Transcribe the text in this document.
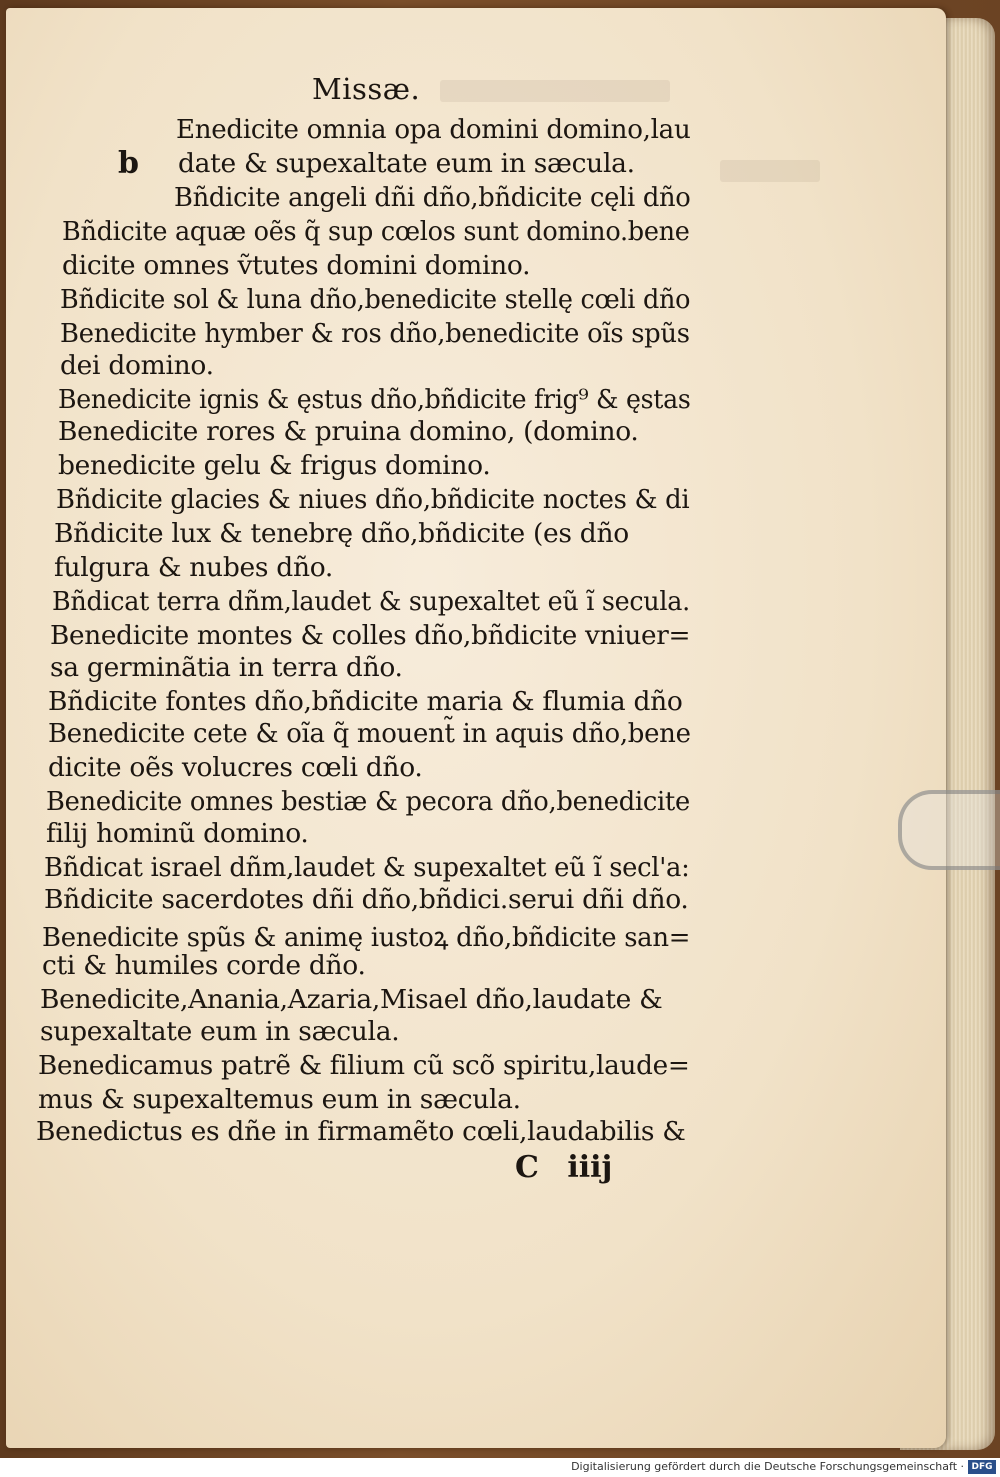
Missæ.
b
Enedicite omnia opa domini domino,lau
date & supexaltate eum in sæcula.
Bñdicite angeli dñi dño,bñdicite cęli dño
Bñdicite aquæ oẽs q̃ sup cœlos sunt domino.bene
dicite omnes ṽtutes domini domino.
Bñdicite sol & luna dño,benedicite stellę cœli dño
Benedicite hymber & ros dño,benedicite oĩs spũs
dei domino.
Benedicite ignis & ęstus dño,bñdicite frig⁹ & ęstas
Benedicite rores & pruina domino, (domino.
benedicite gelu & frigus domino.
Bñdicite glacies & niues dño,bñdicite noctes & di
Bñdicite lux & tenebrę dño,bñdicite (es dño
fulgura & nubes dño.
Bñdicat terra dñm,laudet & supexaltet eũ ĩ secula.
Benedicite montes & colles dño,bñdicite vniuer=
sa germinãtia in terra dño.
Bñdicite fontes dño,bñdicite maria & flumia dño
Benedicite cete & oĩa q̃ mouent̃ in aquis dño,bene
dicite oẽs volucres cœli dño.
Benedicite omnes bestiæ & pecora dño,benedicite
filij hominũ domino.
Bñdicat israel dñm,laudet & supexaltet eũ ĩ secl'a:
Bñdicite sacerdotes dñi dño,bñdici.serui dñi dño.
Benedicite spũs & animę iustoꝝ dño,bñdicite san=
cti & humiles corde dño.
Benedicite,Anania,Azaria,Misael dño,laudate &
supexaltate eum in sæcula.
Benedicamus patrẽ & filium cũ scõ spiritu,laude=
mus & supexaltemus eum in sæcula.
Benedictus es dñe in firmamẽto cœli,laudabilis &
C iiij
Digitalisierung gefördert durch die Deutsche Forschungsgemeinschaft · DFG
